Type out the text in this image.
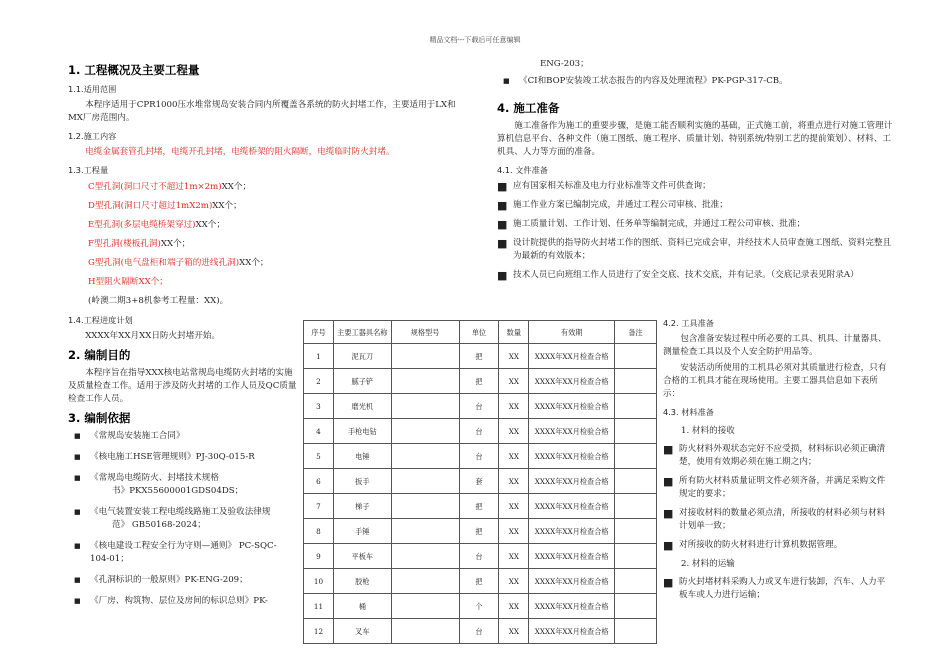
精品文档---下载后可任意编辑
1. 工程概况及主要工程量
1.1.适用范围

本程序适用于CPR1000压水堆常规岛安装合同内所覆盖各系统的防火封堵工作，主要适用于LX和MX厂房范围内。

1.2.施工内容

电缆金属套管孔封堵，电缆开孔封堵，电缆桥架的阻火隔断，电缆临时防火封堵。

1.3.工程量
C型孔洞(洞口尺寸不超过1m×2m)XX个；
D型孔洞(洞口尺寸超过1mX2m)XX个；
E型孔洞(多层电缆桥架穿过)XX个；
F型孔洞(楼板孔洞)XX个；
G型孔洞(电气盘柜和端子箱的进线孔洞)XX个；
H型阻火隔断XX个；
(岭澳二期3+8机参考工程量：XX)。
1.4.工程进度计划

XXXX年XX月XX日防火封堵开始。

2. 编制目的

本程序旨在指导XXX核电站常规岛电缆防火封堵的实施及质量检查工作。适用于涉及防火封堵的工作人员及QC质量检查工作人员。

3. 编制依据
■ 《常规岛安装施工合同》
■ 《核电施工HSE管理规则》PJ-30Q-015-R
■ 《常规岛电缆防火、封堵技术规格
书》PKX55600001GDS04DS；
■ 《电气装置安装工程电缆线路施工及验收法律规
范》 GB50168-2024；
■ 《核电建设工程安全行为守则—通则》 PC-SQC-
104-01；
■ 《孔洞标识的一般原则》PK-ENG-209；
■ 《厂房、构筑物、层位及房间的标识总则》PK-
ENG-203；
■ 《CI和BOP安装竣工状态报告的内容及处理流程》PK-PGP-317-CB。
4. 施工准备

施工准备作为施工的重要步骤，是施工能否顺利实施的基础，正式施工前，将重点进行对施工管理计算机信息平台、各种文件（施工图纸、施工程序、质量计划、特别系统/特别工艺的提前策划）、材料、工机具、人力等方面的准备。

4.1. 文件准备
■ 应有国家相关标准及电力行业标准等文件可供查询；
■ 施工作业方案已编制完成，并通过工程公司审核、批准；
■ 施工质量计划、工作计划、任务单等编制完成，并通过工程公司审核、批准；
■ 设计院提供的指导防火封堵工作的图纸、资料已完成会审，并经技术人员审查施工图纸、资料完整且为最新的有效版本；
■ 技术人员已向班组工作人员进行了安全交底、技术交底，并有记录。（交底记录表见附录A）
4.2. 工具准备

包含准备安装过程中所必要的工具、机具、计量器具、测量检查工具以及个人安全防护用品等。

安装活动所使用的工机具必须对其质量进行检查，只有合格的工机具才能在现场使用。主要工器具信息如下表所示：

4.3. 材料准备
1. 材料的接收
■ 防火材料外观状态完好不应受损，材料标识必须正确清楚，使用有效期必须在施工期之内；
■ 所有防火材料质量证明文件必须齐备，并满足采购文件规定的要求；
■ 对接收材料的数量必须点清，所接收的材料必须与材料计划单一致；
■ 对所接收的防火材料进行计算机数据管理。
2. 材料的运输
■ 防火封堵材料采购人力或叉车进行装卸，汽车、人力平板车或人力进行运输；
序号	主要工器具名称	规格型号	单位	数量	有效期	备注
1	泥瓦刀		把	XX	XXXX年XX月检查合格	
2	腻子铲		把	XX	XXXX年XX月检查合格	
3	磨光机		台	XX	XXXX年XX月检验合格	
4	手枪电钻		台	XX	XXXX年XX月检验合格	
5	电锤		台	XX	XXXX年XX月检验合格	
6	扳手		套	XX	XXXX年XX月检查合格	
7	梯子		把	XX	XXXX年XX月检查合格	
8	手锤		把	XX	XXXX年XX月检查合格	
9	平板车		台	XX	XXXX年XX月检查合格	
10	胶枪		把	XX	XXXX年XX月检查合格	
11	桶		个	XX	XXXX年XX月检查合格	
12	叉车		台	XX	XXXX年XX月检查合格	
